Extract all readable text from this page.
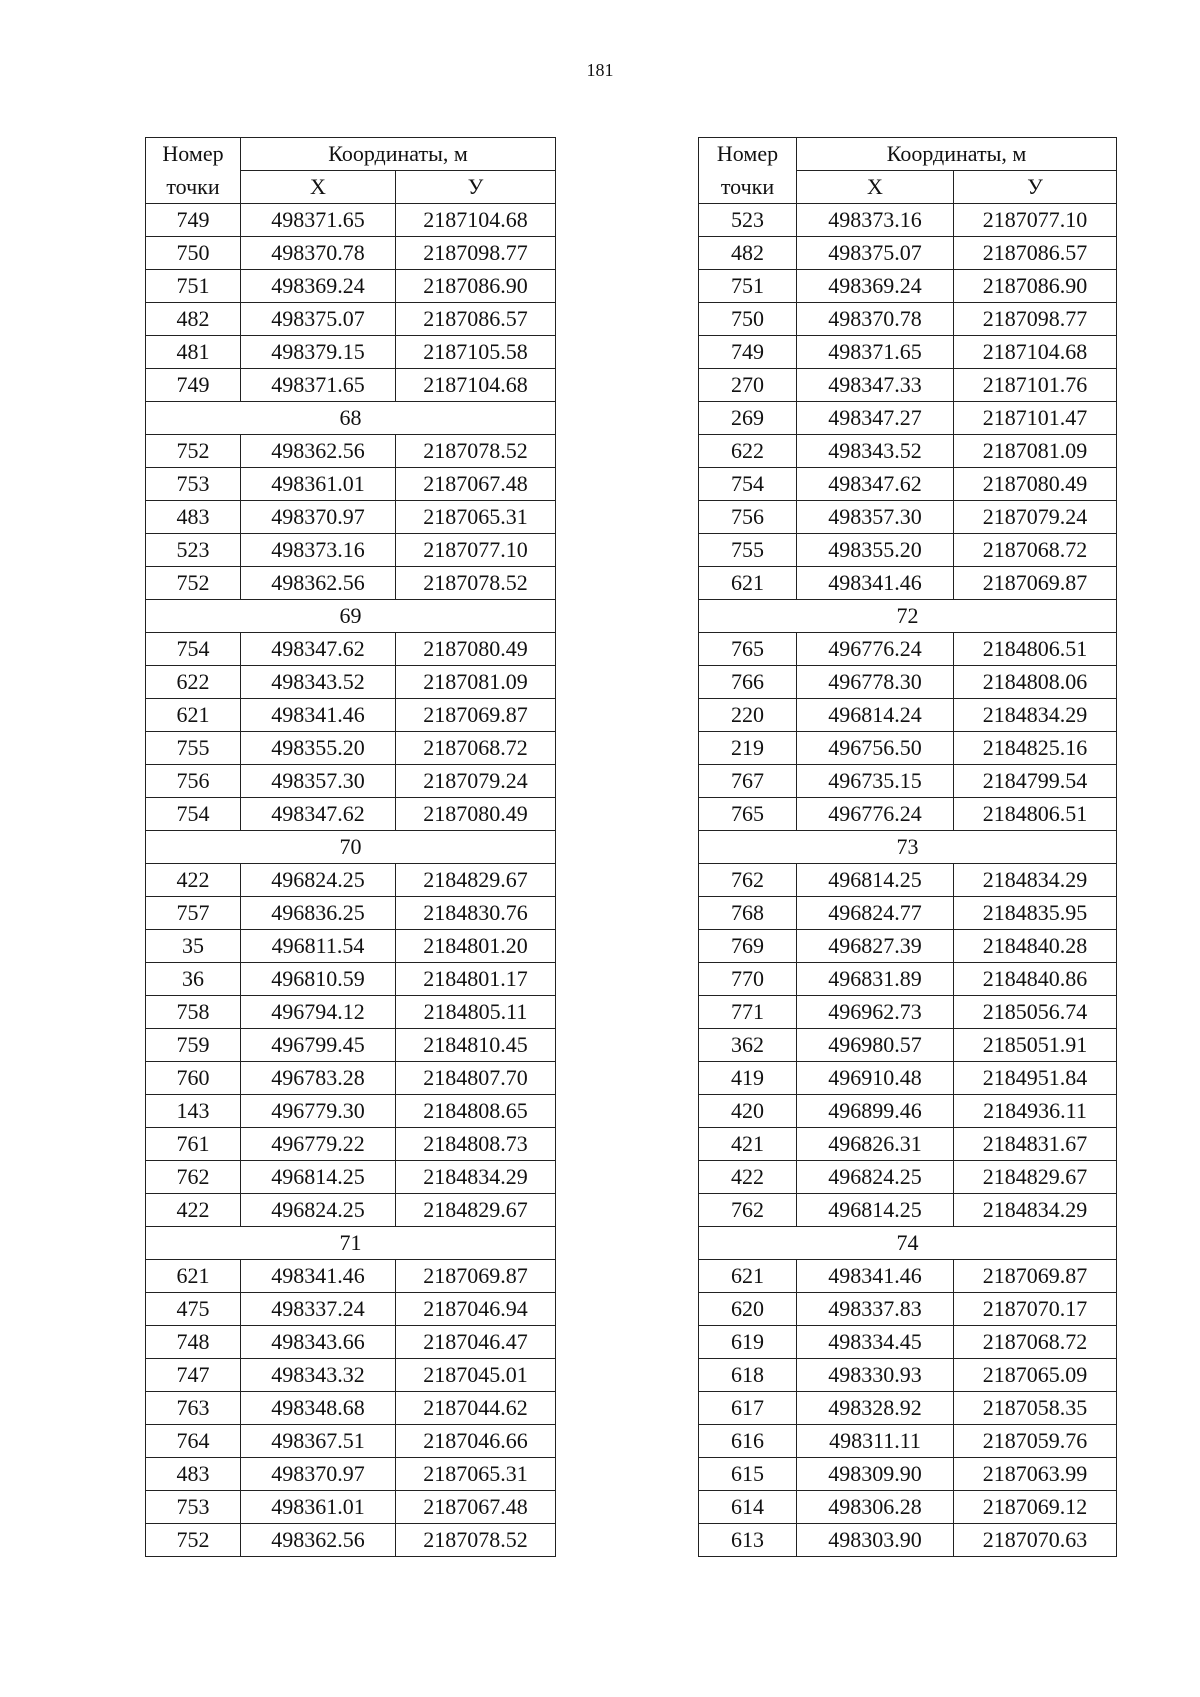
181
Номер	Координаты, м	
точки	Х	У
749	498371.65	2187104.68
750	498370.78	2187098.77
751	498369.24	2187086.90
482	498375.07	2187086.57
481	498379.15	2187105.58
749	498371.65	2187104.68
68		
752	498362.56	2187078.52
753	498361.01	2187067.48
483	498370.97	2187065.31
523	498373.16	2187077.10
752	498362.56	2187078.52
69		
754	498347.62	2187080.49
622	498343.52	2187081.09
621	498341.46	2187069.87
755	498355.20	2187068.72
756	498357.30	2187079.24
754	498347.62	2187080.49
70		
422	496824.25	2184829.67
757	496836.25	2184830.76
35	496811.54	2184801.20
36	496810.59	2184801.17
758	496794.12	2184805.11
759	496799.45	2184810.45
760	496783.28	2184807.70
143	496779.30	2184808.65
761	496779.22	2184808.73
762	496814.25	2184834.29
422	496824.25	2184829.67
71		
621	498341.46	2187069.87
475	498337.24	2187046.94
748	498343.66	2187046.47
747	498343.32	2187045.01
763	498348.68	2187044.62
764	498367.51	2187046.66
483	498370.97	2187065.31
753	498361.01	2187067.48
752	498362.56	2187078.52
Номер	Координаты, м	
точки	Х	У
523	498373.16	2187077.10
482	498375.07	2187086.57
751	498369.24	2187086.90
750	498370.78	2187098.77
749	498371.65	2187104.68
270	498347.33	2187101.76
269	498347.27	2187101.47
622	498343.52	2187081.09
754	498347.62	2187080.49
756	498357.30	2187079.24
755	498355.20	2187068.72
621	498341.46	2187069.87
72		
765	496776.24	2184806.51
766	496778.30	2184808.06
220	496814.24	2184834.29
219	496756.50	2184825.16
767	496735.15	2184799.54
765	496776.24	2184806.51
73		
762	496814.25	2184834.29
768	496824.77	2184835.95
769	496827.39	2184840.28
770	496831.89	2184840.86
771	496962.73	2185056.74
362	496980.57	2185051.91
419	496910.48	2184951.84
420	496899.46	2184936.11
421	496826.31	2184831.67
422	496824.25	2184829.67
762	496814.25	2184834.29
74		
621	498341.46	2187069.87
620	498337.83	2187070.17
619	498334.45	2187068.72
618	498330.93	2187065.09
617	498328.92	2187058.35
616	498311.11	2187059.76
615	498309.90	2187063.99
614	498306.28	2187069.12
613	498303.90	2187070.63
